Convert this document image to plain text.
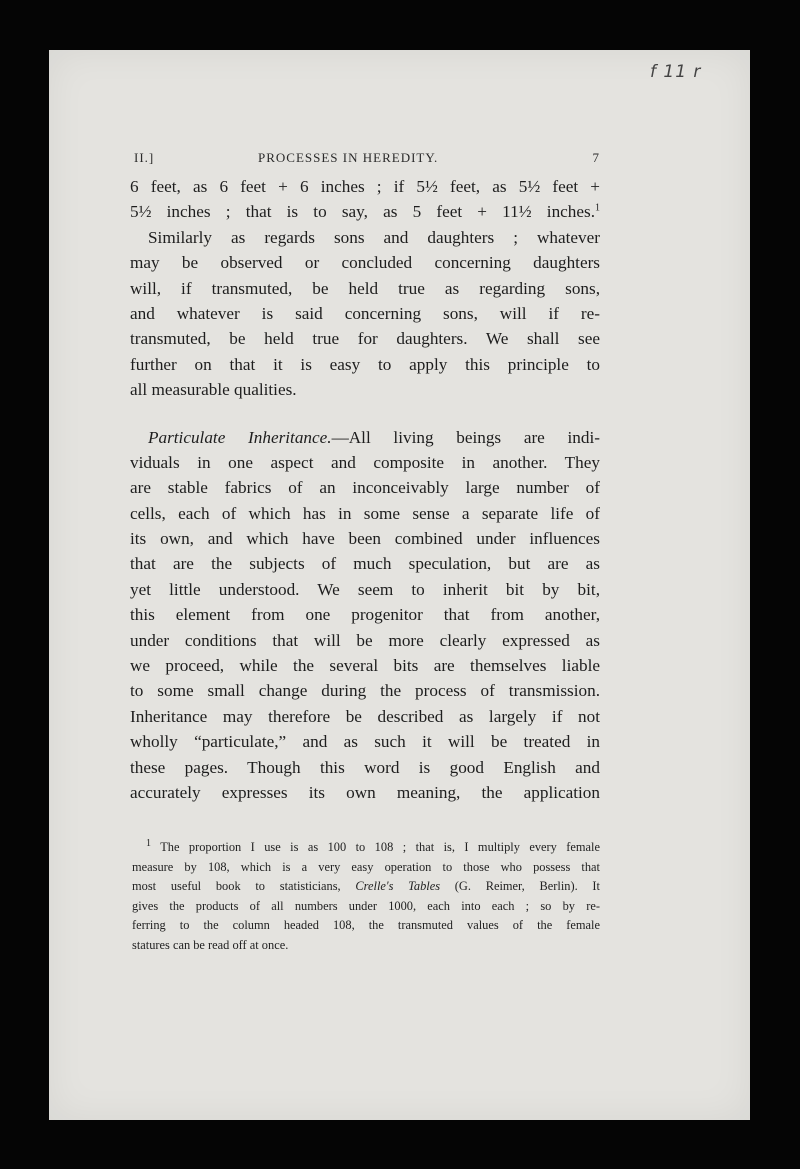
f 11 r
II.]	PROCESSES IN HEREDITY.	7
6 feet, as 6 feet + 6 inches ; if 5½ feet, as 5½ feet +
5½ inches ; that is to say, as 5 feet + 11½ inches.$^1$
Similarly as regards sons and daughters ; whatever
may be observed or concluded concerning daughters
will, if transmuted, be held true as regarding sons,
and whatever is said concerning sons, will if re-
transmuted, be held true for daughters. We shall see
further on that it is easy to apply this principle to
all measurable qualities.
Particulate Inheritance.—All living beings are indi-
viduals in one aspect and composite in another. They
are stable fabrics of an inconceivably large number of
cells, each of which has in some sense a separate life of
its own, and which have been combined under influences
that are the subjects of much speculation, but are as
yet little understood. We seem to inherit bit by bit,
this element from one progenitor that from another,
under conditions that will be more clearly expressed as
we proceed, while the several bits are themselves liable
to some small change during the process of transmission.
Inheritance may therefore be described as largely if not
wholly “particulate,” and as such it will be treated in
these pages. Though this word is good English and
accurately expresses its own meaning, the application
$^1$ The proportion I use is as 100 to 108 ; that is, I multiply every female
measure by 108, which is a very easy operation to those who possess that
most useful book to statisticians, Crelle's Tables (G. Reimer, Berlin). It
gives the products of all numbers under 1000, each into each ; so by re-
ferring to the column headed 108, the transmuted values of the female
statures can be read off at once.
